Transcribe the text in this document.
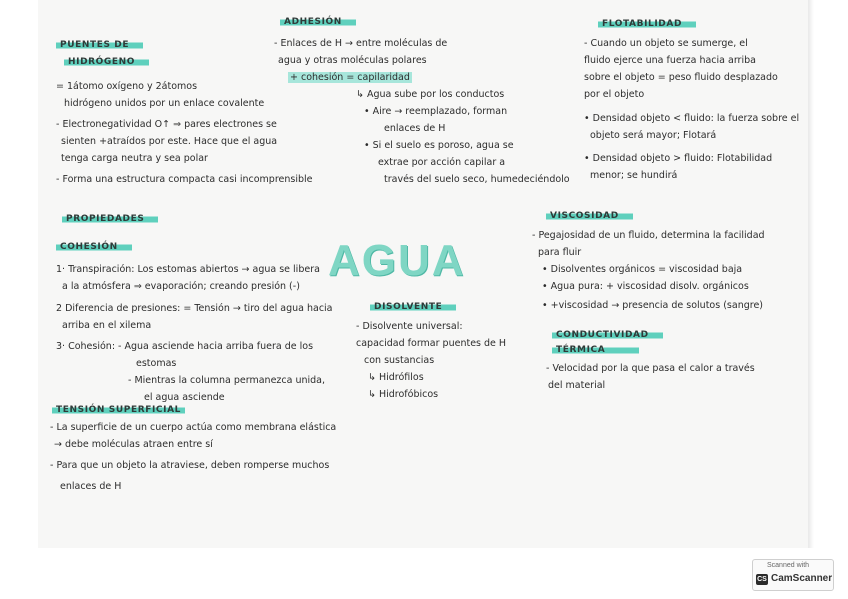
AGUA
PUENTES DE
HIDRÓGENO
= 1átomo oxígeno y 2átomos
hidrógeno unidos por un enlace covalente
- Electronegatividad O↑ ⇒ pares electrones se
sienten +atraídos por este. Hace que el agua
tenga carga neutra y sea polar
- Forma una estructura compacta casi incomprensible
ADHESIÓN
- Enlaces de H → entre moléculas de
agua y otras moléculas polares
+ cohesión = capilaridad
↳ Agua sube por los conductos
• Aire → reemplazado, forman
enlaces de H
• Si el suelo es poroso, agua se
extrae por acción capilar a
través del suelo seco, humedeciéndolo
FLOTABILIDAD
- Cuando un objeto se sumerge, el
fluido ejerce una fuerza hacia arriba
sobre el objeto = peso fluido desplazado
por el objeto
• Densidad objeto < fluido: la fuerza sobre el
objeto será mayor; Flotará
• Densidad objeto > fluido: Flotabilidad
menor; se hundirá
PROPIEDADES
COHESIÓN
1· Transpiración: Los estomas abiertos → agua se libera
a la atmósfera ⇒ evaporación; creando presión (-)
2 Diferencia de presiones: = Tensión → tiro del agua hacia
arriba en el xilema
3· Cohesión: - Agua asciende hacia arriba fuera de los
estomas
- Mientras la columna permanezca unida,
el agua asciende
TENSIÓN SUPERFICIAL
- La superficie de un cuerpo actúa como membrana elástica
→ debe moléculas atraen entre sí
- Para que un objeto la atraviese, deben romperse muchos
enlaces de H
DISOLVENTE
- Disolvente universal:
capacidad formar puentes de H
con sustancias
↳ Hidrófilos
↳ Hidrofóbicos
VISCOSIDAD
- Pegajosidad de un fluido, determina la facilidad
para fluir
• Disolventes orgánicos = viscosidad baja
• Agua pura: + viscosidad disolv. orgánicos
• +viscosidad → presencia de solutos (sangre)
CONDUCTIVIDAD
TÉRMICA
- Velocidad por la que pasa el calor a través
del material
Scanned with
CS CamScanner
